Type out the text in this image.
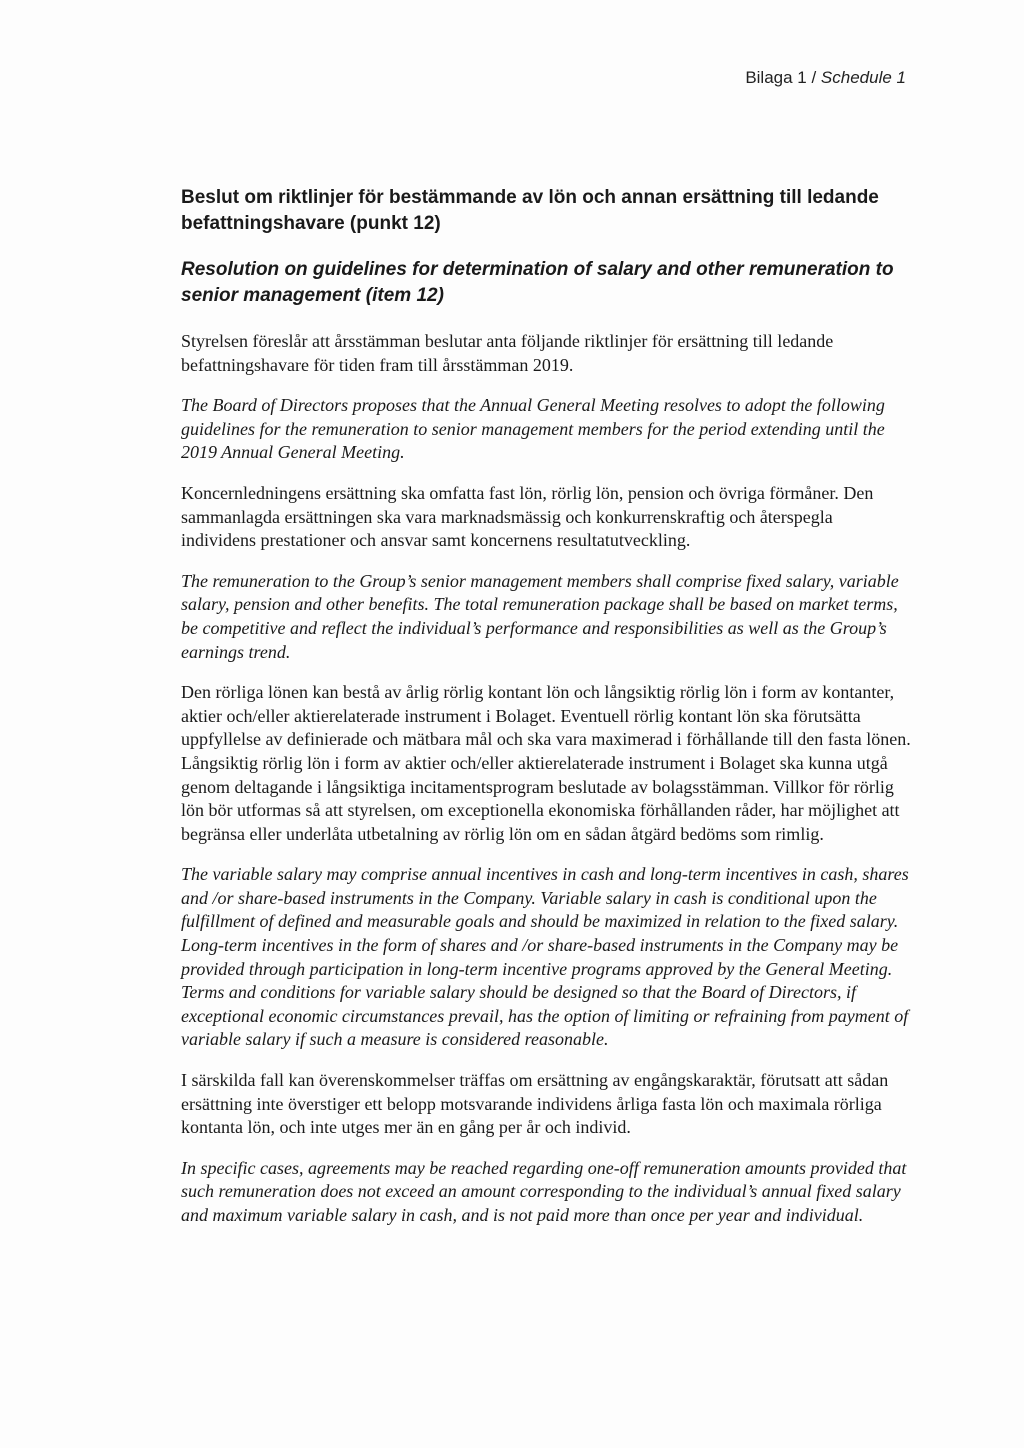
Bilaga 1 / Schedule 1
Beslut om riktlinjer för bestämmande av lön och annan ersättning till ledande befattningshavare (punkt 12)
Resolution on guidelines for determination of salary and other remuneration to senior management (item 12)

Styrelsen föreslår att årsstämman beslutar anta följande riktlinjer för ersättning till ledande befattningshavare för tiden fram till årsstämman 2019.

The Board of Directors proposes that the Annual General Meeting resolves to adopt the following guidelines for the remuneration to senior management members for the period extending until the 2019 Annual General Meeting.

Koncernledningens ersättning ska omfatta fast lön, rörlig lön, pension och övriga förmåner. Den sammanlagda ersättningen ska vara marknadsmässig och konkurrenskraftig och återspegla individens prestationer och ansvar samt koncernens resultatutveckling.

The remuneration to the Group’s senior management members shall comprise fixed salary, variable salary, pension and other benefits. The total remuneration package shall be based on market terms, be competitive and reflect the individual’s performance and responsibilities as well as the Group’s earnings trend.

Den rörliga lönen kan bestå av årlig rörlig kontant lön och långsiktig rörlig lön i form av kontanter, aktier och/eller aktierelaterade instrument i Bolaget. Eventuell rörlig kontant lön ska förutsätta uppfyllelse av definierade och mätbara mål och ska vara maximerad i förhållande till den fasta lönen. Långsiktig rörlig lön i form av aktier och/eller aktierelaterade instrument i Bolaget ska kunna utgå genom deltagande i långsiktiga incitamentsprogram beslutade av bolagsstämman. Villkor för rörlig lön bör utformas så att styrelsen, om exceptionella ekonomiska förhållanden råder, har möjlighet att begränsa eller underlåta utbetalning av rörlig lön om en sådan åtgärd bedöms som rimlig.

The variable salary may comprise annual incentives in cash and long-term incentives in cash, shares and /or share-based instruments in the Company. Variable salary in cash is conditional upon the fulfillment of defined and measurable goals and should be maximized in relation to the fixed salary. Long-term incentives in the form of shares and /or share-based instruments in the Company may be provided through participation in long-term incentive programs approved by the General Meeting. Terms and conditions for variable salary should be designed so that the Board of Directors, if exceptional economic circumstances prevail, has the option of limiting or refraining from payment of variable salary if such a measure is considered reasonable.

I särskilda fall kan överenskommelser träffas om ersättning av engångskaraktär, förutsatt att sådan ersättning inte överstiger ett belopp motsvarande individens årliga fasta lön och maximala rörliga kontanta lön, och inte utges mer än en gång per år och individ.

In specific cases, agreements may be reached regarding one-off remuneration amounts provided that such remuneration does not exceed an amount corresponding to the individual’s annual fixed salary and maximum variable salary in cash, and is not paid more than once per year and individual.
